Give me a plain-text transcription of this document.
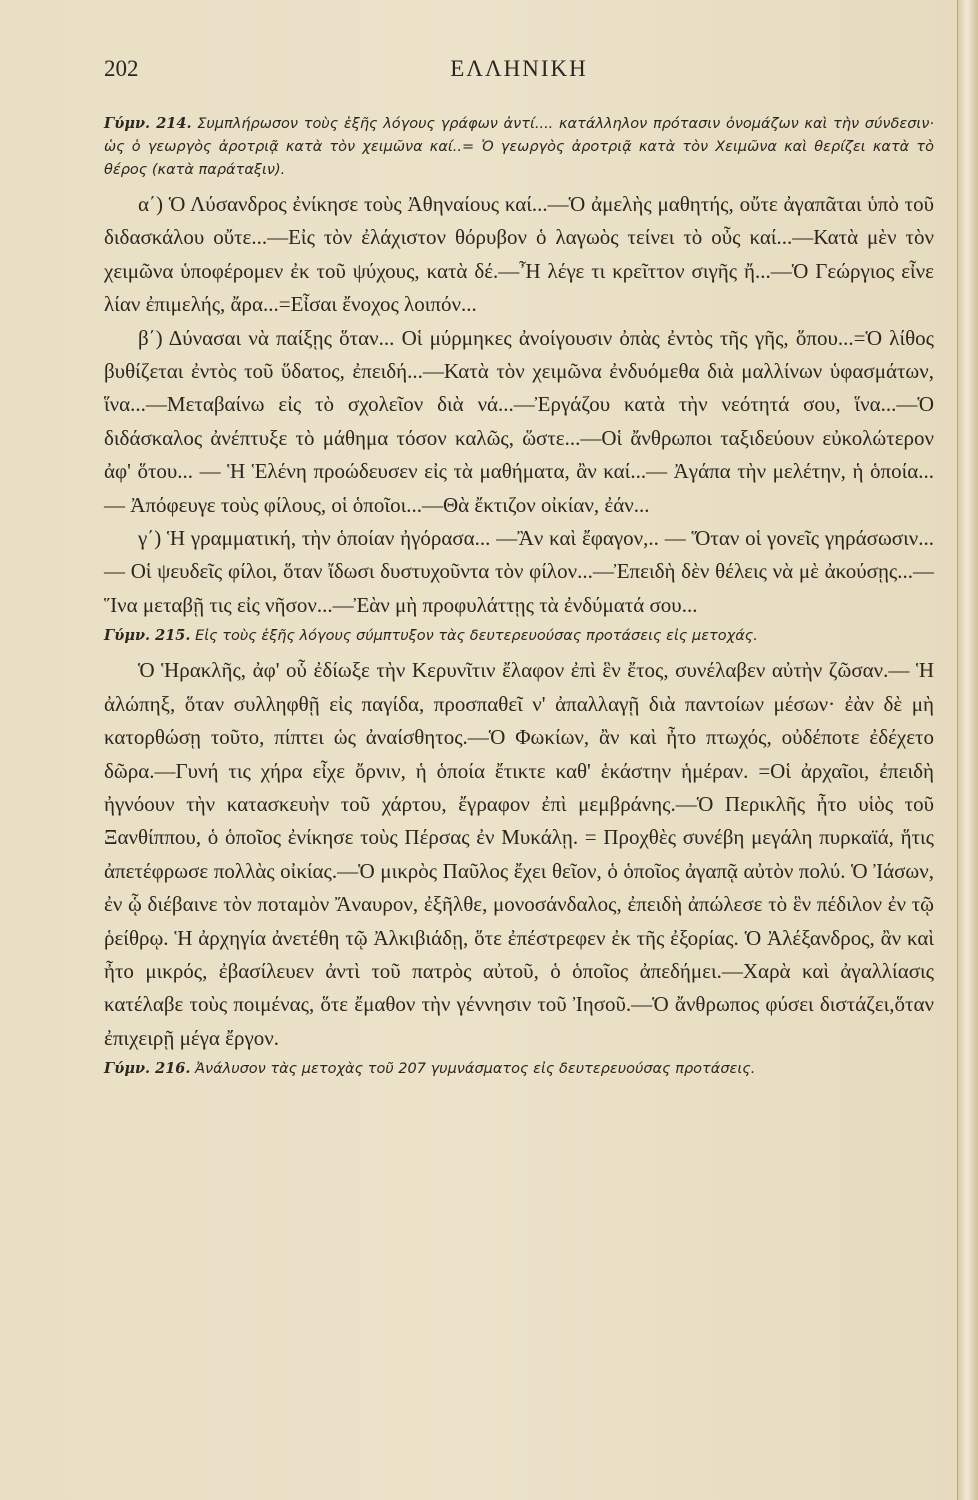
202	ΕΛΛΗΝΙΚΗ

Γύμν. 214. Συμπλήρωσον τοὺς ἑξῆς λόγους γράφων ἀντί.... κατάλληλον πρότασιν ὀνομάζων καὶ τὴν σύνδεσιν· ὡς ὁ γεωργὸς ἀροτριᾷ κατὰ τὸν χειμῶνα καί..= Ὁ γεωργὸς ἀροτριᾷ κατὰ τὸν Χειμῶνα καὶ θερίζει κατὰ τὸ θέρος (κατὰ παράταξιν).

α΄) Ὁ Λύσανδρος ἐνίκησε τοὺς Ἀθηναίους καί...—Ὁ ἀμελὴς μαθητής, οὔτε ἀγαπᾶται ὑπὸ τοῦ διδασκάλου οὔτε...—Εἰς τὸν ἐλάχιστον θόρυβον ὁ λαγωὸς τείνει τὸ οὖς καί...—Κατὰ μὲν τὸν χειμῶνα ὑποφέρομεν ἐκ τοῦ ψύχους, κατὰ δέ.—Ἦ λέγε τι κρεῖττον σιγῆς ἤ...—Ὁ Γεώργιος εἶνε λίαν ἐπιμελής, ἄρα...=Εἶσαι ἔνοχος λοιπόν...

β΄) Δύνασαι νὰ παίξῃς ὅταν... Οἱ μύρμηκες ἀνοίγουσιν ὀπὰς ἐντὸς τῆς γῆς, ὅπου...=Ὁ λίθος βυθίζεται ἐντὸς τοῦ ὕδατος, ἐπειδή...—Κατὰ τὸν χειμῶνα ἐνδυόμεθα διὰ μαλλίνων ὑφασμάτων, ἵνα...—Μεταβαίνω εἰς τὸ σχολεῖον διὰ νά...—Ἐργάζου κατὰ τὴν νεότητά σου, ἵνα...—Ὁ διδάσκαλος ἀνέπτυξε τὸ μάθημα τόσον καλῶς, ὥστε...—Οἱ ἄνθρωποι ταξιδεύουν εὐκολώτερον ἀφ' ὅτου... — Ἡ Ἑλένη προώδευσεν εἰς τὰ μαθήματα, ἂν καί...— Ἀγάπα τὴν μελέτην, ἡ ὁποία...— Ἀπόφευγε τοὺς φίλους, οἱ ὁποῖοι...—Θὰ ἔκτιζον οἰκίαν, ἐάν...

γ΄) Ἡ γραμματική, τὴν ὁποίαν ἠγόρασα... —Ἂν καὶ ἔφαγον,.. — Ὅταν οἱ γονεῖς γηράσωσιν...— Οἱ ψευδεῖς φίλοι, ὅταν ἴδωσι δυστυχοῦντα τὸν φίλον...—Ἐπειδὴ δὲν θέλεις νὰ μὲ ἀκούσῃς...—Ἵνα μεταβῇ τις εἰς νῆσον...—Ἐὰν μὴ προφυλάττῃς τὰ ἐνδύματά σου...

Γύμν. 215. Εἰς τοὺς ἑξῆς λόγους σύμπτυξον τὰς δευτερευούσας προτάσεις εἰς μετοχάς.

Ὁ Ἡρακλῆς, ἀφ' οὗ ἐδίωξε τὴν Κερυνῖτιν ἔλαφον ἐπὶ ἓν ἔτος, συνέλαβεν αὐτὴν ζῶσαν.— Ἡ ἀλώπηξ, ὅταν συλληφθῇ εἰς παγίδα, προσπαθεῖ ν' ἀπαλλαγῇ διὰ παντοίων μέσων· ἐὰν δὲ μὴ κατορθώσῃ τοῦτο, πίπτει ὡς ἀναίσθητος.—Ὁ Φωκίων, ἂν καὶ ἦτο πτωχός, οὐδέποτε ἐδέχετο δῶρα.—Γυνή τις χήρα εἶχε ὄρνιν, ἡ ὁποία ἔτικτε καθ' ἑκάστην ἡμέραν. =Οἱ ἀρχαῖοι, ἐπειδὴ ἠγνόουν τὴν κατασκευὴν τοῦ χάρτου, ἔγραφον ἐπὶ μεμβράνης.—Ὁ Περικλῆς ἦτο υἱὸς τοῦ Ξανθίππου, ὁ ὁποῖος ἐνίκησε τοὺς Πέρσας ἐν Μυκάλῃ. = Προχθὲς συνέβη μεγάλη πυρκαϊά, ἥτις ἀπετέφρωσε πολλὰς οἰκίας.—Ὁ μικρὸς Παῦλος ἔχει θεῖον, ὁ ὁποῖος ἀγαπᾷ αὐτὸν πολύ. Ὁ Ἰάσων, ἐν ᾧ διέβαινε τὸν ποταμὸν Ἄναυρον, ἐξῆλθε, μονοσάνδαλος, ἐπειδὴ ἀπώλεσε τὸ ἓν πέδιλον ἐν τῷ ῥείθρῳ. Ἡ ἀρχηγία ἀνετέθη τῷ Ἀλκιβιάδῃ, ὅτε ἐπέστρεφεν ἐκ τῆς ἐξορίας. Ὁ Ἀλέξανδρος, ἂν καὶ ἦτο μικρός, ἐβασίλευεν ἀντὶ τοῦ πατρὸς αὐτοῦ, ὁ ὁποῖος ἀπεδήμει.—Χαρὰ καὶ ἀγαλλίασις κατέλαβε τοὺς ποιμένας, ὅτε ἔμαθον τὴν γέννησιν τοῦ Ἰησοῦ.—Ὁ ἄνθρωπος φύσει διστάζει,ὅταν ἐπιχειρῇ μέγα ἔργον.

Γύμν. 216. Ἀνάλυσον τὰς μετοχὰς τοῦ 207 γυμνάσματος εἰς δευτερευούσας προτάσεις.
